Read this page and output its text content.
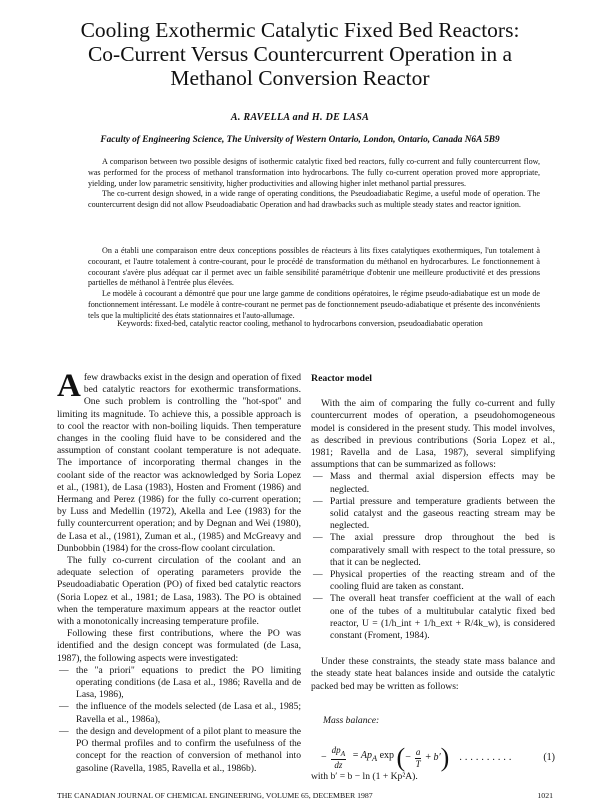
Cooling Exothermic Catalytic Fixed Bed Reactors:
Co-Current Versus Countercurrent Operation in a
Methanol Conversion Reactor
A. RAVELLA and H. DE LASA
Faculty of Engineering Science, The University of Western Ontario, London, Ontario, Canada N6A 5B9

A comparison between two possible designs of isothermic catalytic fixed bed reactors, fully co-current and fully countercurrent flow, was performed for the process of methanol transformation into hydrocarbons. The fully co-current operation proved more appropriate, yielding, under low parametric sensitivity, higher productivities and allowing higher inlet methanol partial pressures.

The co-current design showed, in a wide range of operating conditions, the Pseudoadiabatic Regime, a useful mode of operation. The countercurrent design did not allow Pseudoadiabatic Operation and had drawbacks such as multiple steady states and reactor ignition.

On a établi une comparaison entre deux conceptions possibles de réacteurs à lits fixes catalytiques exothermiques, l'un totalement à cocourant, et l'autre totalement à contre-courant, pour le procédé de transformation du méthanol en hydrocarbures. Le fonctionnement à cocourant s'avère plus adéquat car il permet avec un faible sensibilité paramétrique d'obtenir une meilleure productivité et des pressions partielles de méthanol à l'entrée plus élevées.

Le modèle à cocourant a démontré que pour une large gamme de conditions opératoires, le régime pseudo-adiabatique est un mode de fonctionnement intéressant. Le modèle à contre-courant ne permet pas de fonctionnement pseudo-adiabatique et présente des inconvénients tels que la multiplicité des états stationnaires et l'auto-allumage.

Keywords: fixed-bed, catalytic reactor cooling, methanol to hydrocarbons conversion, pseudoadiabatic operation

Afew drawbacks exist in the design and operation of fixed bed catalytic reactors for exothermic transformations. One such problem is controlling the "hot-spot" and limiting its magnitude. To achieve this, a possible approach is to cool the reactor with non-boiling liquids. Then temperature changes in the cooling fluid have to be considered and the assumption of constant coolant temperature is not adequate. The importance of incorporating thermal changes in the coolant side of the reactor was acknowledged by Soria Lopez et al., (1981), de Lasa (1983), Hosten and Froment (1986) and Hermang and Perez (1986) for the fully co-current operation; by Luss and Medellin (1972), Akella and Lee (1983) for the fully countercurrent operation; and by Degnan and Wei (1980), de Lasa et al., (1981), Zuman et al., (1985) and McGreavy and Dunbobbin (1984) for the cross-flow coolant circulation.

The fully co-current circulation of the coolant and an adequate selection of operating parameters provide the Pseudoadiabatic Operation (PO) of fixed bed catalytic reactors (Soria Lopez et al., 1981; de Lasa, 1983). The PO is obtained when the temperature maximum appears at the reactor outlet with a monotonically increasing temperature profile.

Following these first contributions, where the PO was identified and the design concept was formulated (de Lasa, 1987), the following aspects were investigated:

— the "a priori" equations to predict the PO limiting operating conditions (de Lasa et al., 1986; Ravella and de Lasa, 1986),
— the influence of the models selected (de Lasa et al., 1985; Ravella et al., 1986a),
— the design and development of a pilot plant to measure the PO thermal profiles and to confirm the usefulness of the concept for the reaction of conversion of methanol into gasoline (Ravella, 1985, Ravella et al., 1986b).
Reactor model

With the aim of comparing the fully co-current and fully countercurrent modes of operation, a pseudohomogeneous model is considered in the present study. This model involves, as described in previous contributions (Soria Lopez et al., 1981; Ravella and de Lasa, 1987), several simplifying assumptions that can be summarized as follows:

— Mass and thermal axial dispersion effects may be neglected.
— Partial pressure and temperature gradients between the solid catalyst and the gaseous reacting stream may be neglected.
— The axial pressure drop throughout the bed is comparatively small with respect to the total pressure, so that it can be neglected.
— Physical properties of the reacting stream and of the cooling fluid are taken as constant.
— The overall heat transfer coefficient at the wall of each one of the tubes of a multitubular catalytic fixed bed reactor, U = (1/h_int + 1/h_ext + R/4k_w), is considered constant (Froment, 1984).

Under these constraints, the steady state mass balance and the steady state heat balances inside and outside the catalytic packed bed may be written as follows:

Mass balance:
− $\frac{dp_A}{dz} = Ap_A$ exp ( − $\frac{a}{T} + b'$ ) ..........	(1)

with b′ = b − ln (1 + Kp²A).

THE CANADIAN JOURNAL OF CHEMICAL ENGINEERING, VOLUME 65, DECEMBER 1987	1021
